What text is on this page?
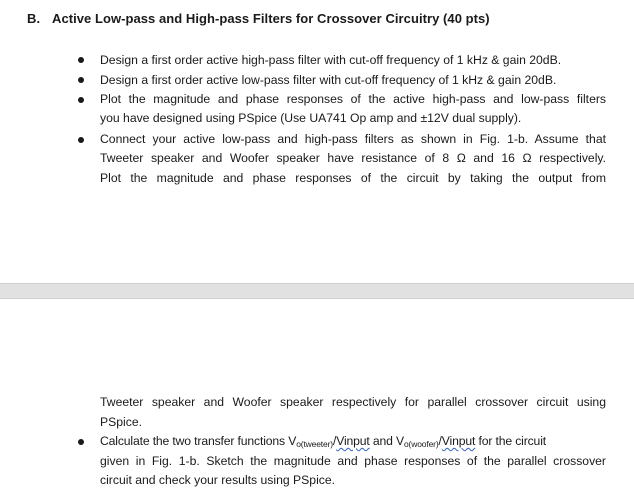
B. Active Low-pass and High-pass Filters for Crossover Circuitry (40 pts)
Design a first order active high-pass filter with cut-off frequency of 1 kHz & gain 20dB.
Design a first order active low-pass filter with cut-off frequency of 1 kHz & gain 20dB.
Plot the magnitude and phase responses of the active high-pass and low-pass filters
you have designed using PSpice (Use UA741 Op amp and ±12V dual supply).
Connect your active low-pass and high-pass filters as shown in Fig. 1-b. Assume that
Tweeter speaker and Woofer speaker have resistance of 8 Ω and 16 Ω respectively.
Plot the magnitude and phase responses of the circuit by taking the output from
Tweeter speaker and Woofer speaker respectively for parallel crossover circuit using
PSpice.
Calculate the two transfer functions $V_{o(tweeter)}$/Vinput and $V_{o(woofer)}$/Vinput for the circuit
given in Fig. 1-b. Sketch the magnitude and phase responses of the parallel crossover
circuit and check your results using PSpice.
